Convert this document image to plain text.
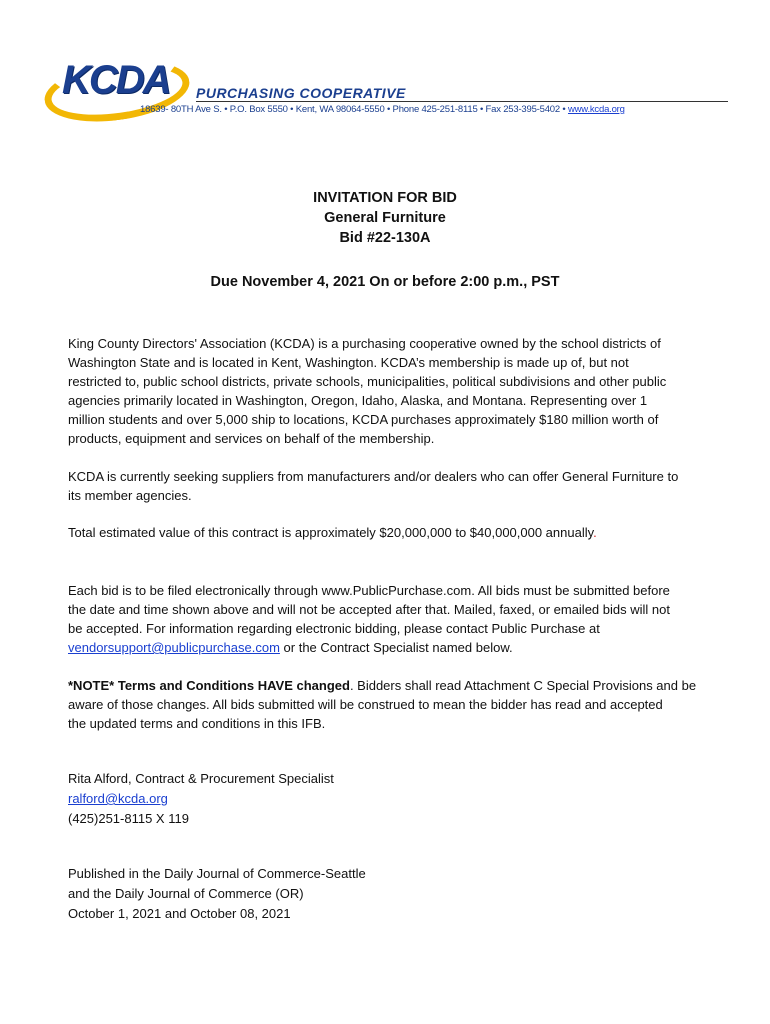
KCDA PURCHASING COOPERATIVE
18639- 80TH Ave S. • P.O. Box 5550 • Kent, WA 98064-5550 • Phone 425-251-8115 • Fax 253-395-5402 • www.kcda.org
INVITATION FOR BID
General Furniture
Bid #22-130A
Due November 4, 2021 On or before 2:00 p.m., PST
King County Directors' Association (KCDA) is a purchasing cooperative owned by the school districts of
Washington State and is located in Kent, Washington. KCDA’s membership is made up of, but not
restricted to, public school districts, private schools, municipalities, political subdivisions and other public
agencies primarily located in Washington, Oregon, Idaho, Alaska, and Montana. Representing over 1
million students and over 5,000 ship to locations, KCDA purchases approximately $180 million worth of
products, equipment and services on behalf of the membership.
KCDA is currently seeking suppliers from manufacturers and/or dealers who can offer General Furniture to
its member agencies.
Total estimated value of this contract is approximately $20,000,000 to $40,000,000 annually.
Each bid is to be filed electronically through www.PublicPurchase.com. All bids must be submitted before
the date and time shown above and will not be accepted after that. Mailed, faxed, or emailed bids will not
be accepted. For information regarding electronic bidding, please contact Public Purchase at
vendorsupport@publicpurchase.com or the Contract Specialist named below.
*NOTE* Terms and Conditions HAVE changed. Bidders shall read Attachment C Special Provisions and be
aware of those changes. All bids submitted will be construed to mean the bidder has read and accepted
the updated terms and conditions in this IFB.
Rita Alford, Contract & Procurement Specialist
ralford@kcda.org
(425)251-8115 X 119
Published in the Daily Journal of Commerce-Seattle
and the Daily Journal of Commerce (OR)
October 1, 2021 and October 08, 2021
